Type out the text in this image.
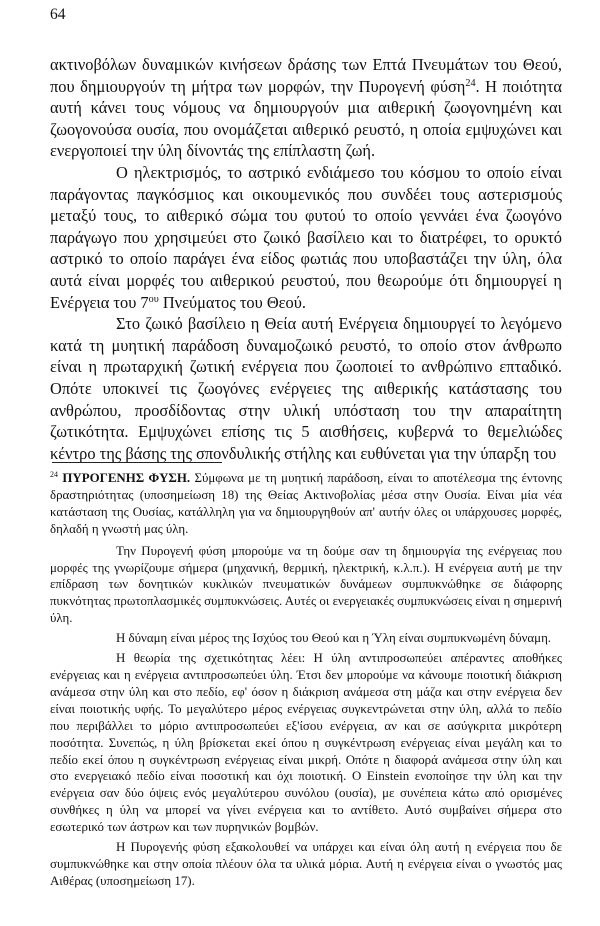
64

ακτινοβόλων δυναμικών κινήσεων δράσης των Επτά Πνευμάτων του Θεού, που δημιουργούν τη μήτρα των μορφών, την Πυρογενή φύση$^{24}$. Η ποιότητα αυτή κάνει τους νόμους να δημιουργούν μια αιθερική ζωογονημένη και ζωογονούσα ουσία, που ονομάζεται αιθερικό ρευστό, η οποία εμψυχώνει και ενεργοποιεί την ύλη δίνοντάς της επίπλαστη ζωή.

Ο ηλεκτρισμός, το αστρικό ενδιάμεσο του κόσμου το οποίο είναι παράγοντας παγκόσμιος και οικουμενικός που συνδέει τους αστερισμούς μεταξύ τους, το αιθερικό σώμα του φυτού το οποίο γεννάει ένα ζωογόνο παράγωγο που χρησιμεύει στο ζωικό βασίλειο και το διατρέφει, το ορυκτό αστρικό το οποίο παράγει ένα είδος φωτιάς που υποβαστάζει την ύλη, όλα αυτά είναι μορφές του αιθερικού ρευστού, που θεωρούμε ότι δημιουργεί η Ενέργεια του $7^{o\upsilon}$ Πνεύματος του Θεού.

Στο ζωικό βασίλειο η Θεία αυτή Ενέργεια δημιουργεί το λεγόμενο κατά τη μυητική παράδοση δυναμοζωικό ρευστό, το οποίο στον άνθρωπο είναι η πρωταρχική ζωτική ενέργεια που ζωοποιεί το ανθρώπινο επταδικό. Οπότε υποκινεί τις ζωογόνες ενέργειες της αιθερικής κατάστασης του ανθρώπου, προσδίδοντας στην υλική υπόσταση του την απαραίτητη ζωτικότητα. Εμψυχώνει επίσης τις 5 αισθήσεις, κυβερνά το θεμελιώδες κέντρο της βάσης της σπονδυλικής στήλης και ευθύνεται για την ύπαρξη του

$^{24}$ ΠΥΡΟΓΕΝΗΣ ΦΥΣΗ. Σύμφωνα με τη μυητική παράδοση, είναι το αποτέλεσμα της έντονης δραστηριότητας (υποσημείωση 18) της Θείας Ακτινοβολίας μέσα στην Ουσία. Είναι μία νέα κατάσταση της Ουσίας, κατάλληλη για να δημιουργηθούν απ' αυτήν όλες οι υπάρχουσες μορφές, δηλαδή η γνωστή μας ύλη.

Την Πυρογενή φύση μπορούμε να τη δούμε σαν τη δημιουργία της ενέργειας που μορφές της γνωρίζουμε σήμερα (μηχανική, θερμική, ηλεκτρική, κ.λ.π.). Η ενέργεια αυτή με την επίδραση των δονητικών κυκλικών πνευματικών δυνάμεων συμπυκνώθηκε σε διάφορης πυκνότητας πρωτοπλασμικές συμπυκνώσεις. Αυτές οι ενεργειακές συμπυκνώσεις είναι η σημερινή ύλη.

Η δύναμη είναι μέρος της Ισχύος του Θεού και η Ύλη είναι συμπυκνωμένη δύναμη.

Η θεωρία της σχετικότητας λέει: Η ύλη αντιπροσωπεύει απέραντες αποθήκες ενέργειας και η ενέργεια αντιπροσωπεύει ύλη. Έτσι δεν μπορούμε να κάνουμε ποιοτική διάκριση ανάμεσα στην ύλη και στο πεδίο, εφ' όσον η διάκριση ανάμεσα στη μάζα και στην ενέργεια δεν είναι ποιοτικής υφής. Το μεγαλύτερο μέρος ενέργειας συγκεντρώνεται στην ύλη, αλλά το πεδίο που περιβάλλει το μόριο αντιπροσωπεύει εξ'ίσου ενέργεια, αν και σε ασύγκριτα μικρότερη ποσότητα. Συνεπώς, η ύλη βρίσκεται εκεί όπου η συγκέντρωση ενέργειας είναι μεγάλη και το πεδίο εκεί όπου η συγκέντρωση ενέργειας είναι μικρή. Οπότε η διαφορά ανάμεσα στην ύλη και στο ενεργειακό πεδίο είναι ποσοτική και όχι ποιοτική. Ο Einstein ενοποίησε την ύλη και την ενέργεια σαν δύο όψεις ενός μεγαλύτερου συνόλου (ουσία), με συνέπεια κάτω από ορισμένες συνθήκες η ύλη να μπορεί να γίνει ενέργεια και το αντίθετο. Αυτό συμβαίνει σήμερα στο εσωτερικό των άστρων και των πυρηνικών βομβών.

Η Πυρογενής φύση εξακολουθεί να υπάρχει και είναι όλη αυτή η ενέργεια που δε συμπυκνώθηκε και στην οποία πλέουν όλα τα υλικά μόρια. Αυτή η ενέργεια είναι ο γνωστός μας Αιθέρας (υποσημείωση 17).
